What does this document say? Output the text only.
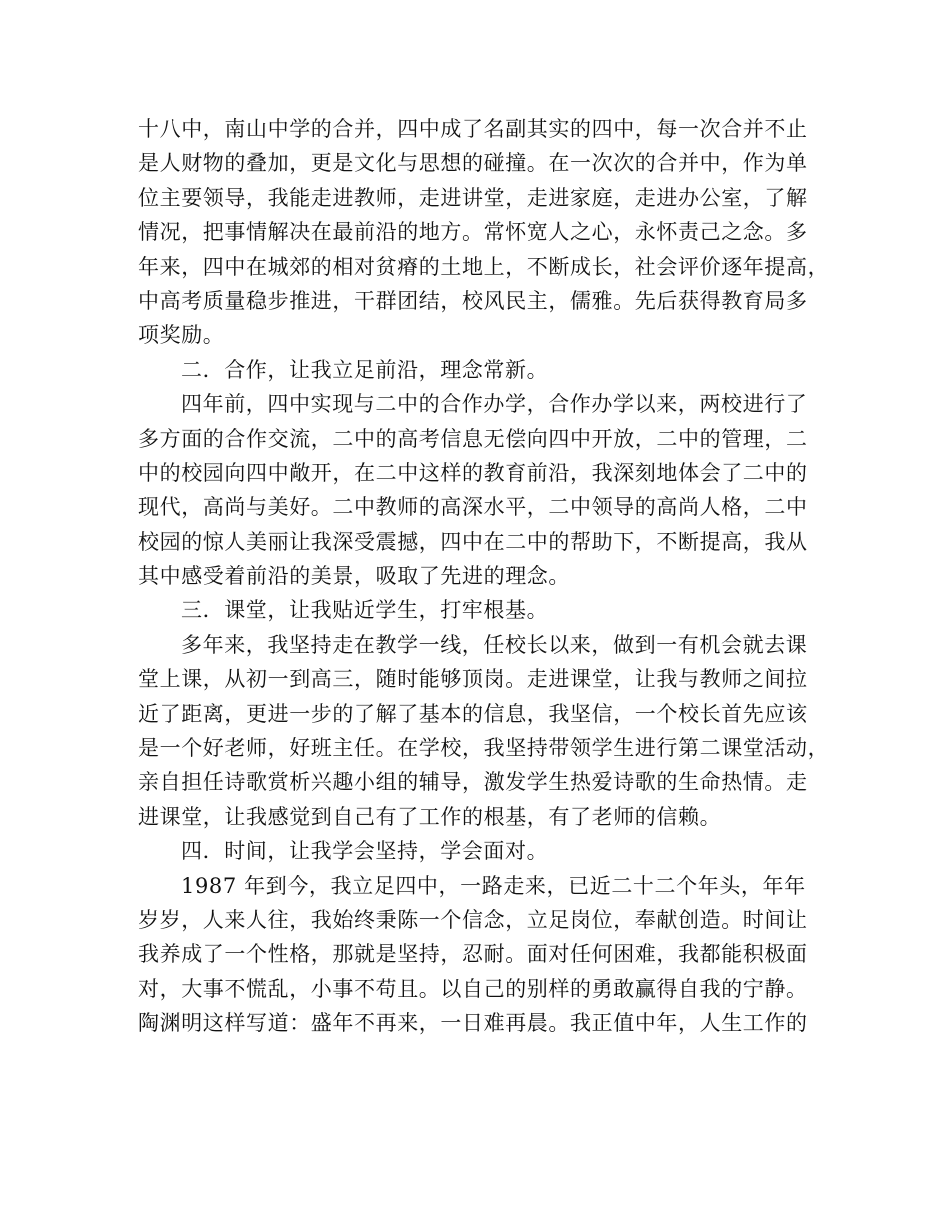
十八中，南山中学的合并，四中成了名副其实的四中，每一次合并不止
是人财物的叠加，更是文化与思想的碰撞。在一次次的合并中，作为单
位主要领导，我能走进教师，走进讲堂，走进家庭，走进办公室，了解
情况，把事情解决在最前沿的地方。常怀宽人之心，永怀责己之念。多
年来，四中在城郊的相对贫瘠的土地上，不断成长，社会评价逐年提高，
中高考质量稳步推进，干群团结，校风民主，儒雅。先后获得教育局多
项奖励。
二．合作，让我立足前沿，理念常新。
四年前，四中实现与二中的合作办学，合作办学以来，两校进行了
多方面的合作交流，二中的高考信息无偿向四中开放，二中的管理，二
中的校园向四中敞开，在二中这样的教育前沿，我深刻地体会了二中的
现代，高尚与美好。二中教师的高深水平，二中领导的高尚人格，二中
校园的惊人美丽让我深受震撼，四中在二中的帮助下，不断提高，我从
其中感受着前沿的美景，吸取了先进的理念。
三．课堂，让我贴近学生，打牢根基。
多年来，我坚持走在教学一线，任校长以来，做到一有机会就去课
堂上课，从初一到高三，随时能够顶岗。走进课堂，让我与教师之间拉
近了距离，更进一步的了解了基本的信息，我坚信，一个校长首先应该
是一个好老师，好班主任。在学校，我坚持带领学生进行第二课堂活动，
亲自担任诗歌赏析兴趣小组的辅导，激发学生热爱诗歌的生命热情。走
进课堂，让我感觉到自己有了工作的根基，有了老师的信赖。
四．时间，让我学会坚持，学会面对。
1987 年到今，我立足四中，一路走来，已近二十二个年头，年年
岁岁，人来人往，我始终秉陈一个信念，立足岗位，奉献创造。时间让
我养成了一个性格，那就是坚持，忍耐。面对任何困难，我都能积极面
对，大事不慌乱，小事不苟且。以自己的别样的勇敢赢得自我的宁静。
陶渊明这样写道：盛年不再来，一日难再晨。我正值中年，人生工作的
